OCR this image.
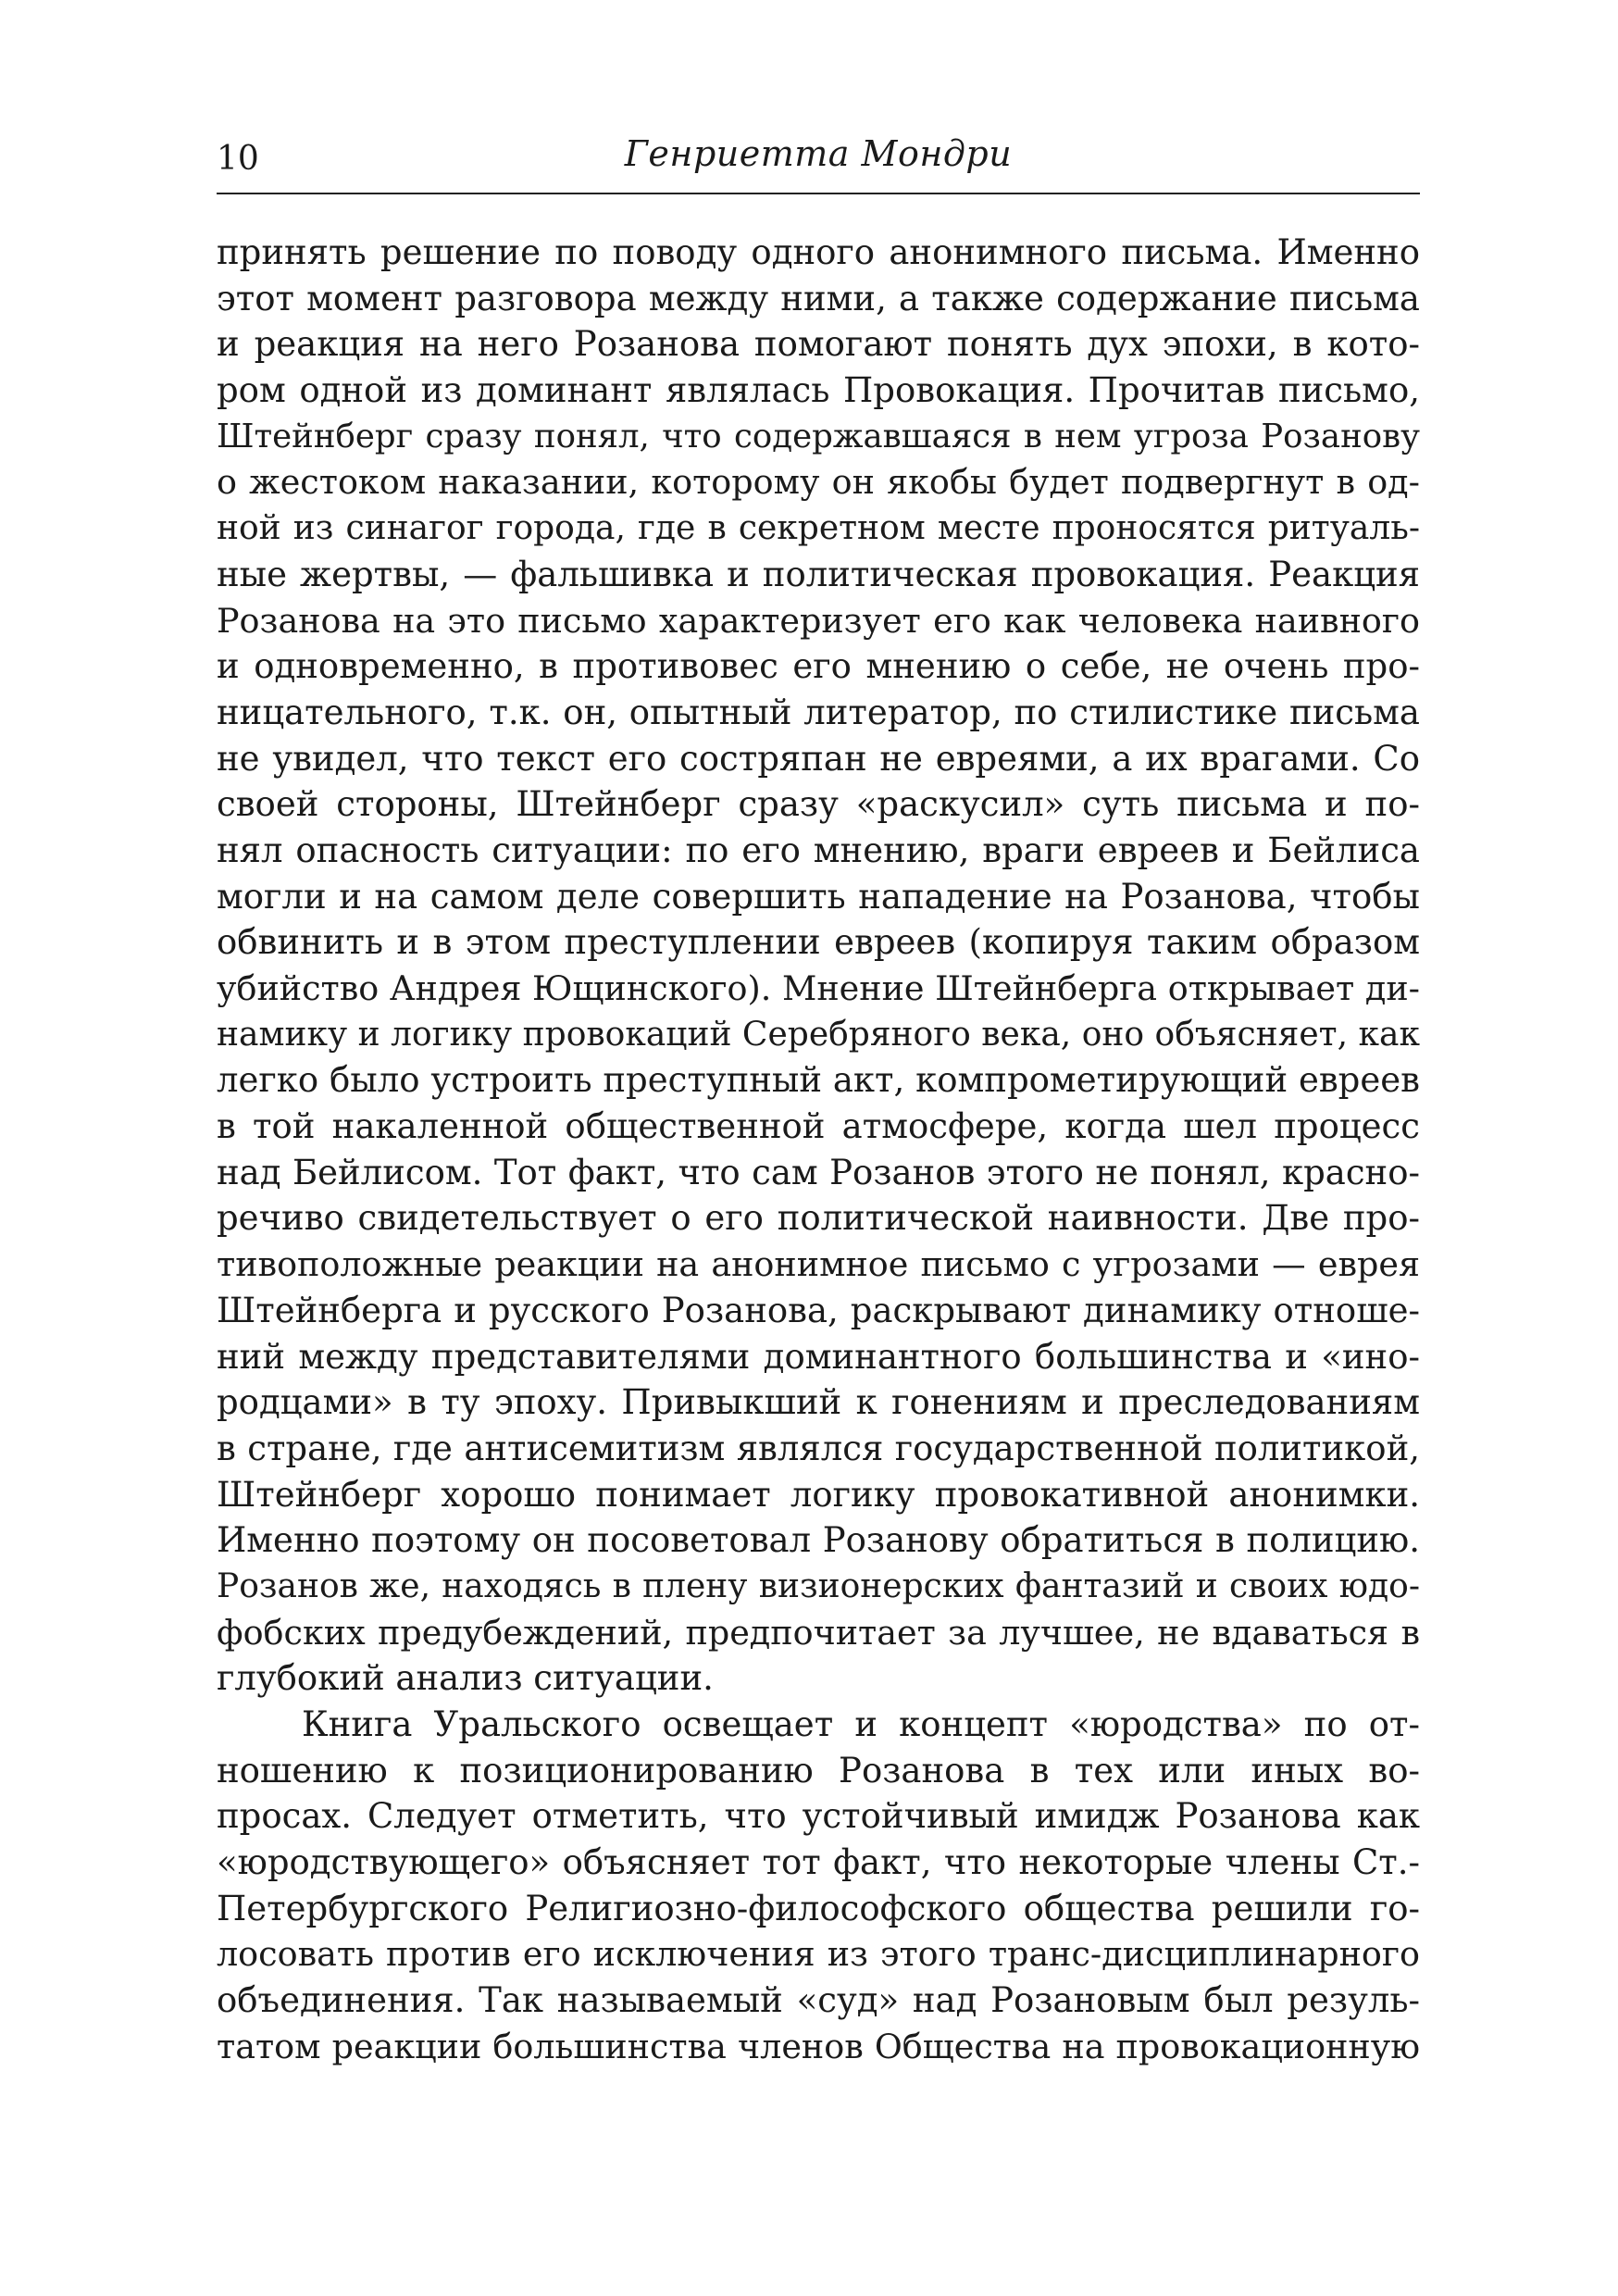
10	Генриетта Мондри
принять решение по поводу одного анонимного письма. Именно
этот момент разговора между ними, а также содержание письма
и реакция на него Розанова помогают понять дух эпохи, в кото-
ром одной из доминант являлась Провокация. Прочитав письмо,
Штейнберг сразу понял, что содержавшаяся в нем угроза Розанову
о жестоком наказании, которому он якобы будет подвергнут в од-
ной из синагог города, где в секретном месте проносятся ритуаль-
ные жертвы, — фальшивка и политическая провокация. Реакция
Розанова на это письмо характеризует его как человека наивного
и одновременно, в противовес его мнению о себе, не очень про-
ницательного, т.к. он, опытный литератор, по стилистике письма
не увидел, что текст его состряпан не евреями, а их врагами. Со
своей стороны, Штейнберг сразу «раскусил» суть письма и по-
нял опасность ситуации: по его мнению, враги евреев и Бейлиса
могли и на самом деле совершить нападение на Розанова, чтобы
обвинить и в этом преступлении евреев (копируя таким образом
убийство Андрея Ющинского). Мнение Штейнберга открывает ди-
намику и логику провокаций Серебряного века, оно объясняет, как
легко было устроить преступный акт, компрометирующий евреев
в той накаленной общественной атмосфере, когда шел процесс
над Бейлисом. Тот факт, что сам Розанов этого не понял, красно-
речиво свидетельствует о его политической наивности. Две про-
тивоположные реакции на анонимное письмо с угрозами — еврея
Штейнберга и русского Розанова, раскрывают динамику отноше-
ний между представителями доминантного большинства и «ино-
родцами» в ту эпоху. Привыкший к гонениям и преследованиям
в стране, где антисемитизм являлся государственной политикой,
Штейнберг хорошо понимает логику провокативной анонимки.
Именно поэтому он посоветовал Розанову обратиться в полицию.
Розанов же, находясь в плену визионерских фантазий и своих юдо-
фобских предубеждений, предпочитает за лучшее, не вдаваться в
глубокий анализ ситуации.
Книга Уральского освещает и концепт «юродства» по от-
ношению к позиционированию Розанова в тех или иных во-
просах. Следует отметить, что устойчивый имидж Розанова как
«юродствующего» объясняет тот факт, что некоторые члены Ст.-
Петербургского Религиозно-философского общества решили го-
лосовать против его исключения из этого транс-дисциплинарного
объединения. Так называемый «суд» над Розановым был резуль-
татом реакции большинства членов Общества на провокационную
